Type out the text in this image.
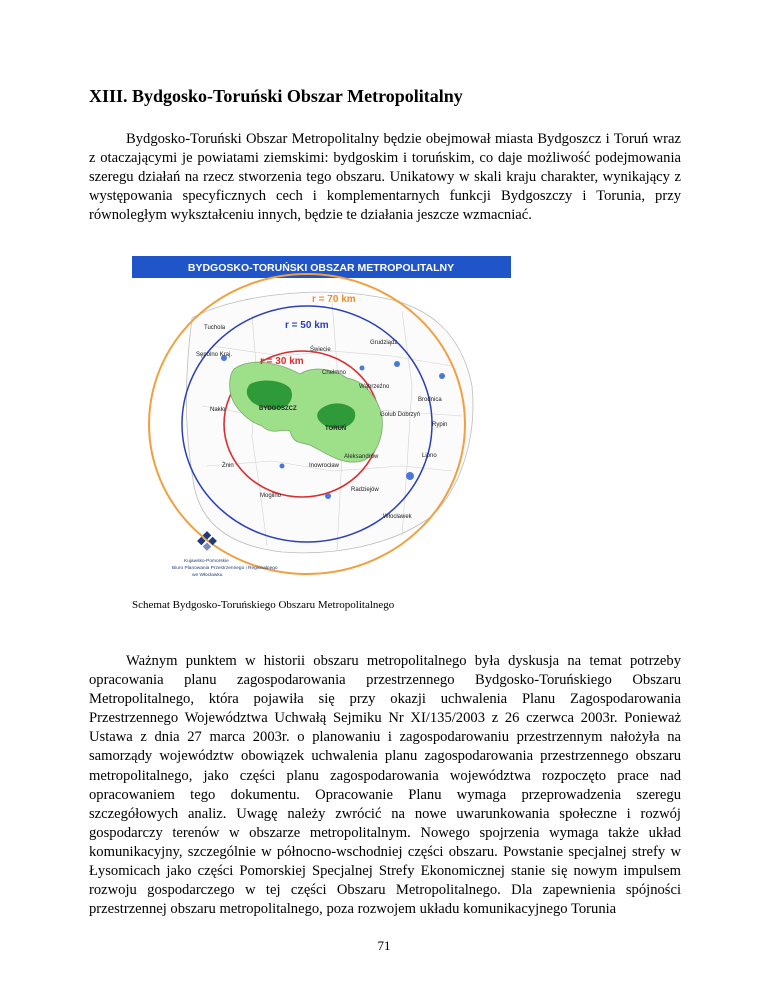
XIII. Bydgosko-Toruński Obszar Metropolitalny

Bydgosko-Toruński Obszar Metropolitalny będzie obejmował miasta Bydgoszcz i Toruń wraz z otaczającymi je powiatami ziemskimi: bydgoskim i toruńskim, co daje możliwość podejmowania szeregu działań na rzecz stworzenia tego obszaru. Unikatowy w skali kraju charakter, wynikający z występowania specyficznych cech i komplementarnych funkcji Bydgoszczy i Torunia, przy równoległym wykształceniu innych, będzie te działania jeszcze wzmacniać.

BYDGOSKO-TORUŃSKI OBSZAR METROPOLITALNY
r = 70 km
r = 50 km
r = 30 km
Tuchola
Świecie
Grudziądz
Sępolno Kraj.
Chełmno
Wąbrzeźno
Brodnica
Nakło	BYDGOSZCZ
Golub Dobrzyń
TORUŃ
Rypin
Aleksandrów	Lipno
Żnin	Inowrocław
Radziejów
Mogilno
Włocławek
Kujawsko-Pomorskie
Biuro Planowania Przestrzennego i Regionalnego
we Włocławku

Schemat Bydgosko-Toruńskiego Obszaru Metropolitalnego

Ważnym punktem w historii obszaru metropolitalnego była dyskusja na temat potrzeby opracowania planu zagospodarowania przestrzennego Bydgosko-Toruńskiego Obszaru Metropolitalnego, która pojawiła się przy okazji uchwalenia Planu Zagospodarowania Przestrzennego Województwa Uchwałą Sejmiku Nr XI/135/2003 z 26 czerwca 2003r. Ponieważ Ustawa z dnia 27 marca 2003r. o planowaniu i zagospodarowaniu przestrzennym nałożyła na samorządy województw obowiązek uchwalenia planu zagospodarowania przestrzennego obszaru metropolitalnego, jako części planu zagospodarowania województwa rozpoczęto prace nad opracowaniem tego dokumentu. Opracowanie Planu wymaga przeprowadzenia szeregu szczegółowych analiz. Uwagę należy zwrócić na nowe uwarunkowania społeczne i rozwój gospodarczy terenów w obszarze metropolitalnym. Nowego spojrzenia wymaga także układ komunikacyjny, szczególnie w północno-wschodniej części obszaru. Powstanie specjalnej strefy w Łysomicach jako części Pomorskiej Specjalnej Strefy Ekonomicznej stanie się nowym impulsem rozwoju gospodarczego w tej części Obszaru Metropolitalnego. Dla zapewnienia spójności przestrzennej obszaru metropolitalnego, poza rozwojem układu komunikacyjnego Torunia

71
